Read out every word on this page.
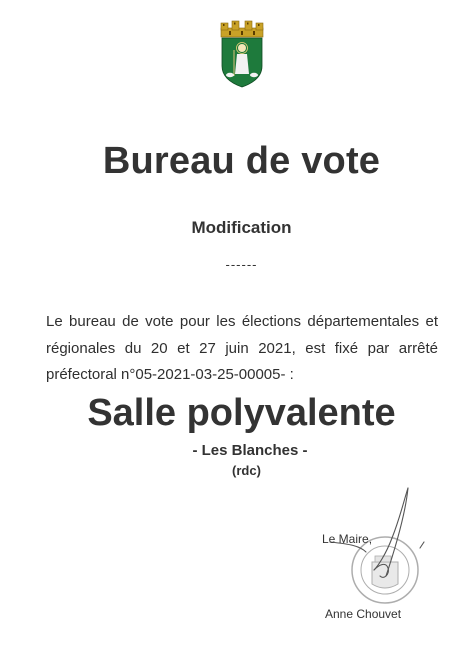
Bureau de vote
Modification
------
Le bureau de vote pour les élections départementales et régionales du 20 et 27 juin 2021, est fixé par arrêté préfectoral n°05-2021-03-25-00005- :
Salle polyvalente
- Les Blanches -
(rdc)
Le Maire,
Anne Chouvet
